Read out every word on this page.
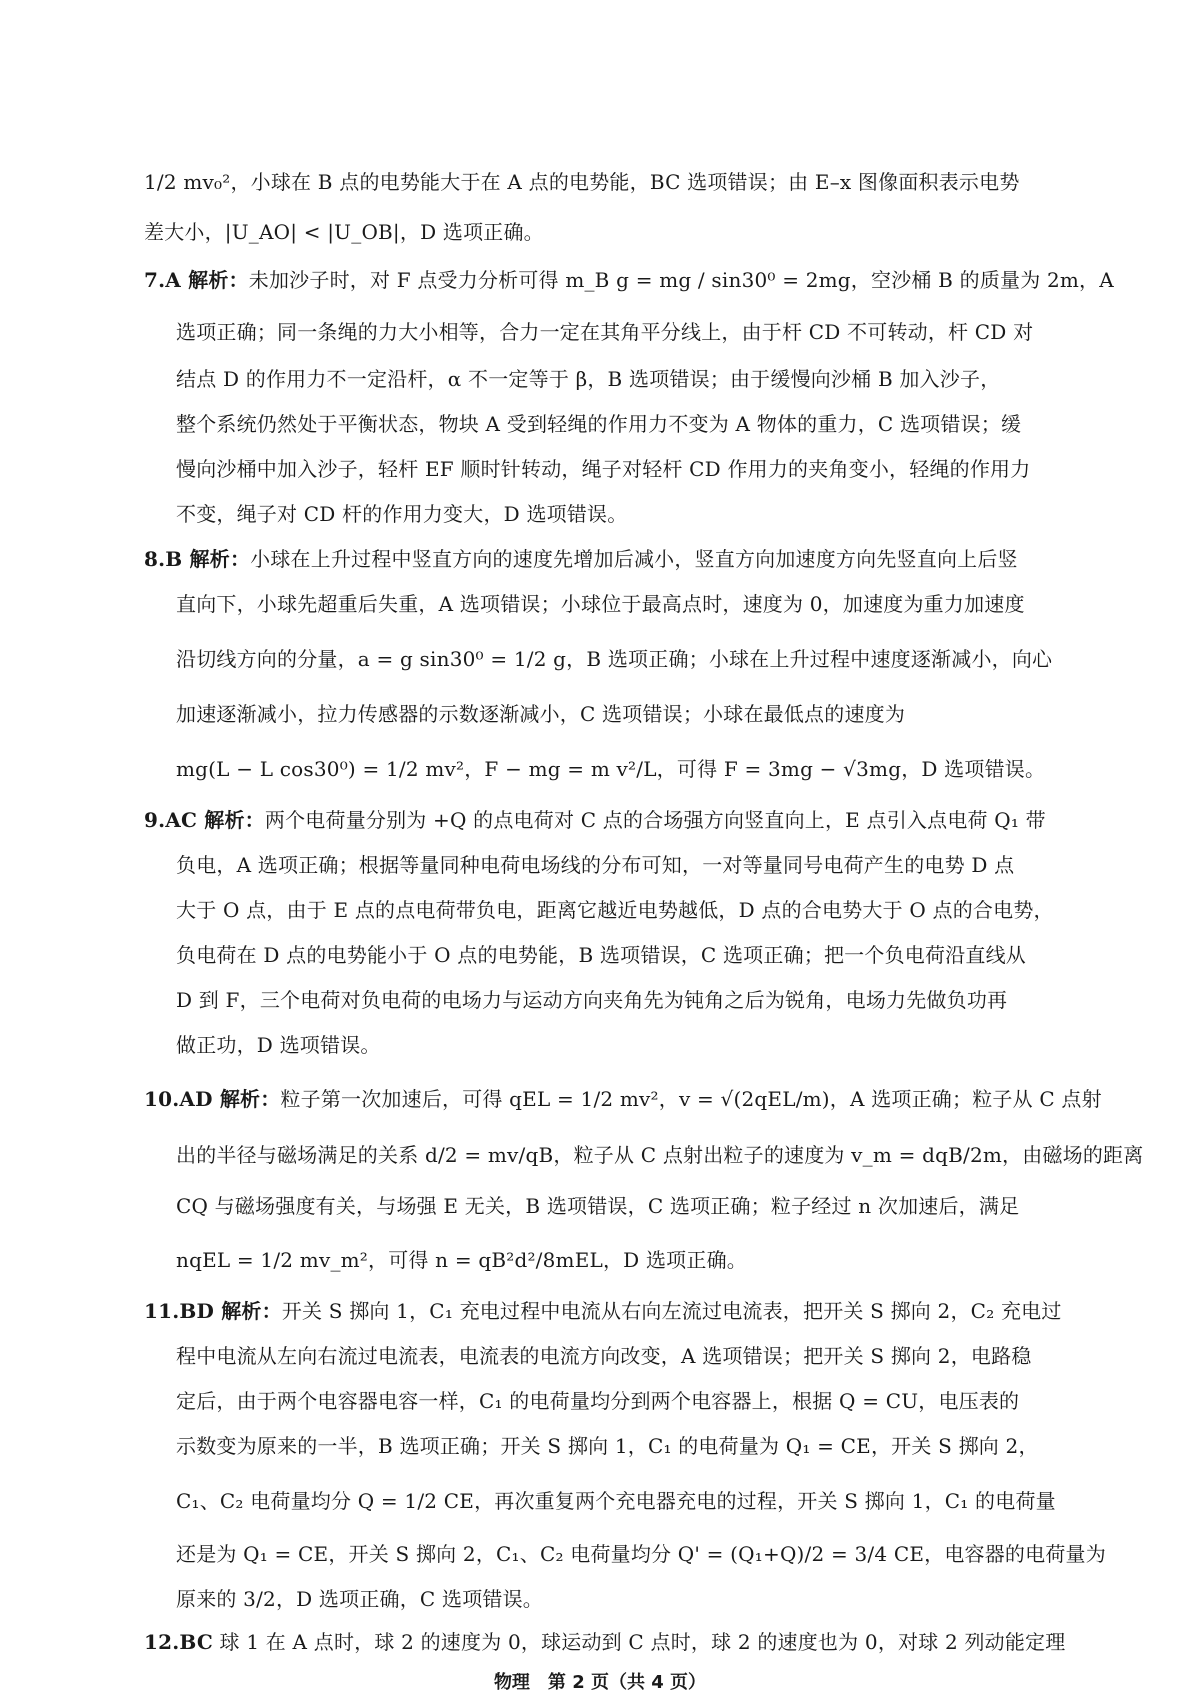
1/2 mv₀²，小球在 B 点的电势能大于在 A 点的电势能，BC 选项错误；由 E–x 图像面积表示电势
差大小，|U_AO| < |U_OB|，D 选项正确。
7.A 解析：未加沙子时，对 F 点受力分析可得 m_B g = mg / sin30⁰ = 2mg，空沙桶 B 的质量为 2m，A
选项正确；同一条绳的力大小相等，合力一定在其角平分线上，由于杆 CD 不可转动，杆 CD 对
结点 D 的作用力不一定沿杆，α 不一定等于 β，B 选项错误；由于缓慢向沙桶 B 加入沙子，
整个系统仍然处于平衡状态，物块 A 受到轻绳的作用力不变为 A 物体的重力，C 选项错误；缓
慢向沙桶中加入沙子，轻杆 EF 顺时针转动，绳子对轻杆 CD 作用力的夹角变小，轻绳的作用力
不变，绳子对 CD 杆的作用力变大，D 选项错误。
8.B 解析：小球在上升过程中竖直方向的速度先增加后减小，竖直方向加速度方向先竖直向上后竖
直向下，小球先超重后失重，A 选项错误；小球位于最高点时，速度为 0，加速度为重力加速度
沿切线方向的分量，a = g sin30⁰ = 1/2 g，B 选项正确；小球在上升过程中速度逐渐减小，向心
加速逐渐减小，拉力传感器的示数逐渐减小，C 选项错误；小球在最低点的速度为
mg(L − L cos30⁰) = 1/2 mv²，F − mg = m v²/L，可得 F = 3mg − √3mg，D 选项错误。
9.AC 解析：两个电荷量分别为 +Q 的点电荷对 C 点的合场强方向竖直向上，E 点引入点电荷 Q₁ 带
负电，A 选项正确；根据等量同种电荷电场线的分布可知，一对等量同号电荷产生的电势 D 点
大于 O 点，由于 E 点的点电荷带负电，距离它越近电势越低，D 点的合电势大于 O 点的合电势，
负电荷在 D 点的电势能小于 O 点的电势能，B 选项错误，C 选项正确；把一个负电荷沿直线从
D 到 F，三个电荷对负电荷的电场力与运动方向夹角先为钝角之后为锐角，电场力先做负功再
做正功，D 选项错误。
10.AD 解析：粒子第一次加速后，可得 qEL = 1/2 mv²，v = √(2qEL/m)，A 选项正确；粒子从 C 点射
出的半径与磁场满足的关系 d/2 = mv/qB，粒子从 C 点射出粒子的速度为 v_m = dqB/2m，由磁场的距离
CQ 与磁场强度有关，与场强 E 无关，B 选项错误，C 选项正确；粒子经过 n 次加速后，满足
nqEL = 1/2 mv_m²，可得 n = qB²d²/8mEL，D 选项正确。
11.BD 解析：开关 S 掷向 1，C₁ 充电过程中电流从右向左流过电流表，把开关 S 掷向 2，C₂ 充电过
程中电流从左向右流过电流表，电流表的电流方向改变，A 选项错误；把开关 S 掷向 2，电路稳
定后，由于两个电容器电容一样，C₁ 的电荷量均分到两个电容器上，根据 Q = CU，电压表的
示数变为原来的一半，B 选项正确；开关 S 掷向 1，C₁ 的电荷量为 Q₁ = CE，开关 S 掷向 2，
C₁、C₂ 电荷量均分 Q = 1/2 CE，再次重复两个充电器充电的过程，开关 S 掷向 1，C₁ 的电荷量
还是为 Q₁ = CE，开关 S 掷向 2，C₁、C₂ 电荷量均分 Q' = (Q₁+Q)/2 = 3/4 CE，电容器的电荷量为
原来的 3/2，D 选项正确，C 选项错误。
物理　第 2 页（共 4 页）
12.BC 球 1 在 A 点时，球 2 的速度为 0，球运动到 C 点时，球 2 的速度也为 0，对球 2 列动能定理
